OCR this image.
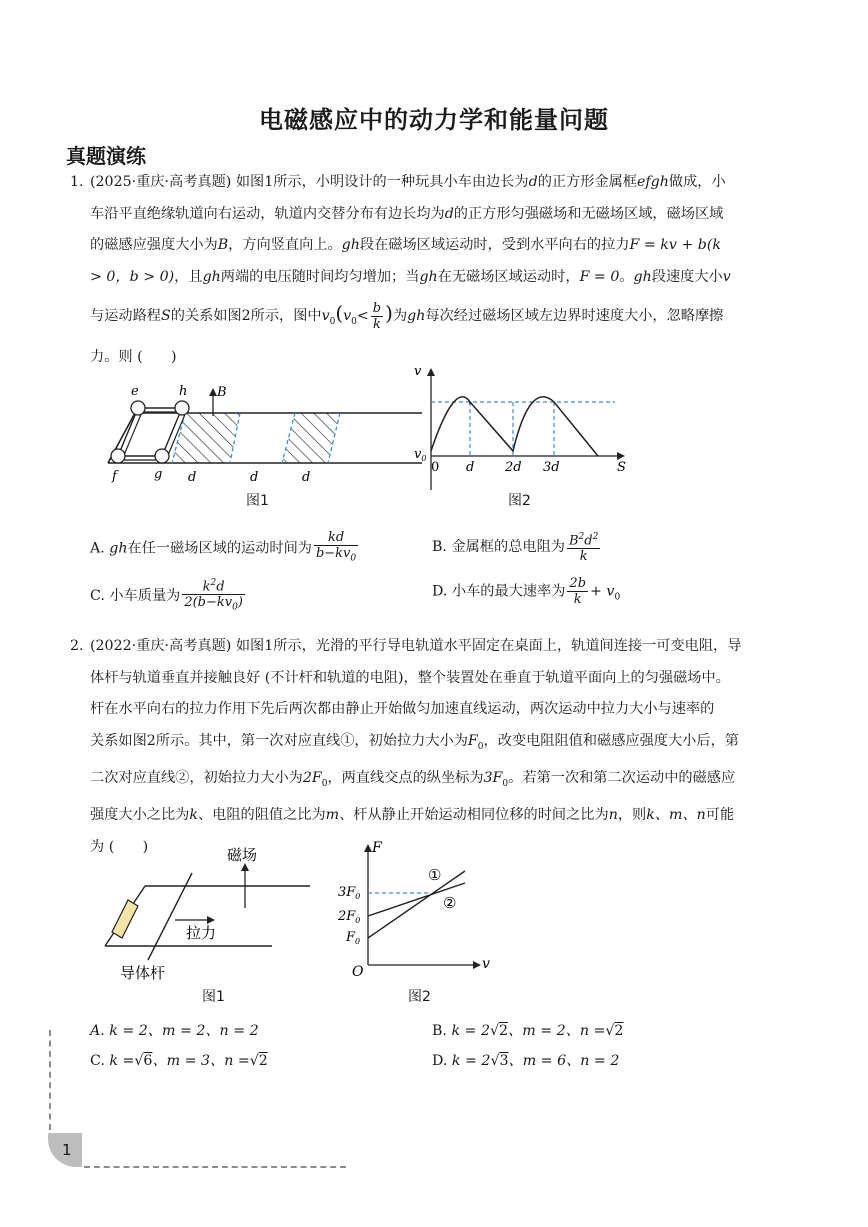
电磁感应中的动力学和能量问题
真题演练
1. (2025·重庆·高考真题) 如图1所示，小明设计的一种玩具小车由边长为d的正方形金属框efgh做成，小
车沿平直绝缘轨道向右运动，轨道内交替分布有边长均为d的正方形匀强磁场和无磁场区域，磁场区域
的磁感应强度大小为B，方向竖直向上。gh段在磁场区域运动时，受到水平向右的拉力F = kv + b(k
> 0，b > 0)，且gh两端的电压随时间均匀增加；当gh在无磁场区域运动时，F = 0。gh段速度大小v
与运动路程S的关系如图2所示，图中$v_0(v_0< \frac{b}{k}$ )为gh每次经过磁场区域左边界时速度大小，忽略摩擦
力。则 (　　)
B
e	h
f	g d	d	d
图1
v
$v_0$
0 d 2d 3d	S
图2
A. gh在任一磁场区域的运动时间为 $\frac{kd}{b-kv_0}$	B. 金属框的总电阻为 $\frac{B^2d^2}{k}$
C. 小车质量为 $\frac{k^2d}{2(b-kv_0)}$	D. 小车的最大速率为 $\frac{2b}{k} + v_0$
2. (2022·重庆·高考真题) 如图1所示，光滑的平行导电轨道水平固定在桌面上，轨道间连接一可变电阻，导
体杆与轨道垂直并接触良好 (不计杆和轨道的电阻)，整个装置处在垂直于轨道平面向上的匀强磁场中。
杆在水平向右的拉力作用下先后两次都由静止开始做匀加速直线运动，两次运动中拉力大小与速率的
关系如图2所示。其中，第一次对应直线①，初始拉力大小为$F_0$，改变电阻阻值和磁感应强度大小后，第
二次对应直线②，初始拉力大小为$2F_0$，两直线交点的纵坐标为$3F_0$。若第一次和第二次运动中的磁感应
强度大小之比为k、电阻的阻值之比为m、杆从静止开始运动相同位移的时间之比为n，则k、m、n可能
为 (　　)	磁场
拉力
导体杆
图1
F
v
O
$3F_0$
$2F_0$
$F_0$
①
②
图2
A. k = 2、m = 2、n = 2	B. k = 2√2、m = 2、n =√2
C. k =√6、m = 3、n =√2	D. k = 2√3、m = 6、n = 2
1
